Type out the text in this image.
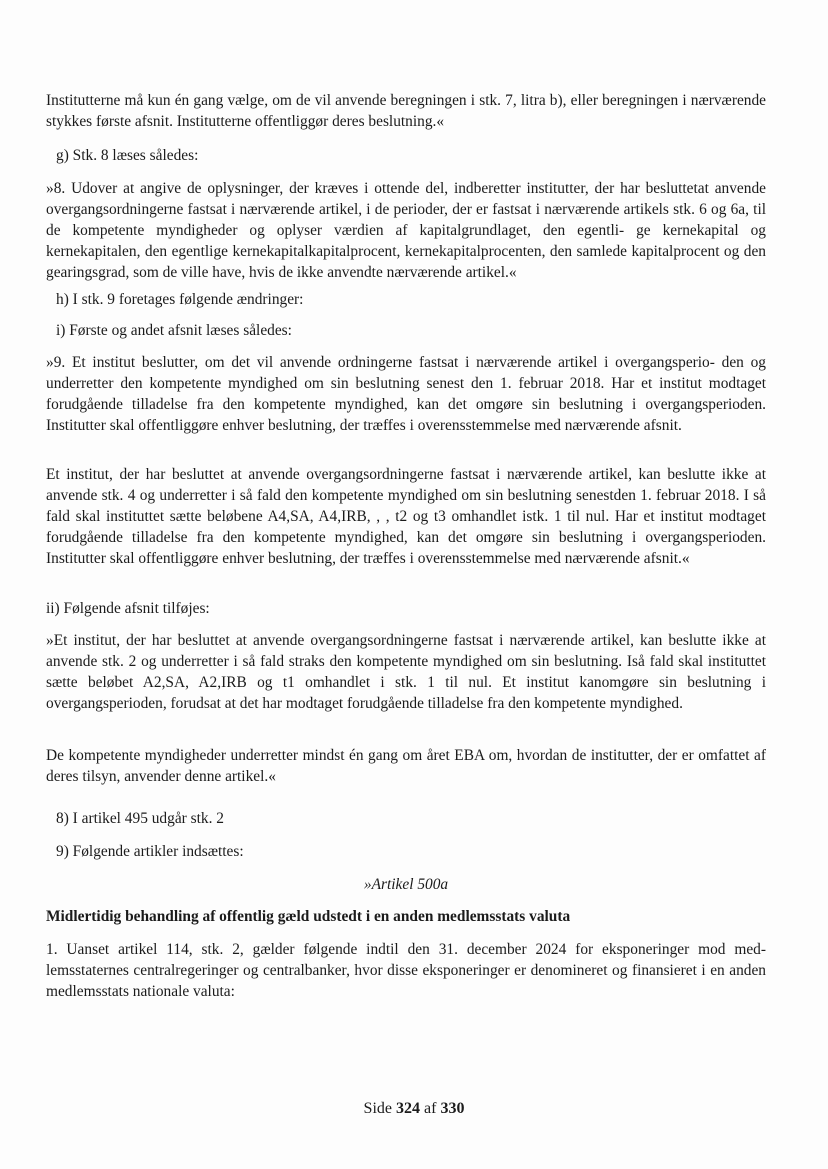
Institutterne må kun én gang vælge, om de vil anvende beregningen i stk. 7, litra b), eller beregningen i nærværende stykkes første afsnit. Institutterne offentliggør deres beslutning.«
g) Stk. 8 læses således:
»8. Udover at angive de oplysninger, der kræves i ottende del, indberetter institutter, der har besluttetat anvende overgangsordningerne fastsat i nærværende artikel, i de perioder, der er fastsat i nærværende artikels stk. 6 og 6a, til de kompetente myndigheder og oplyser værdien af kapitalgrundlaget, den egentli- ge kernekapital og kernekapitalen, den egentlige kernekapitalkapitalprocent, kernekapitalprocenten, den samlede kapitalprocent og den gearingsgrad, som de ville have, hvis de ikke anvendte nærværende artikel.«
h) I stk. 9 foretages følgende ændringer:
i) Første og andet afsnit læses således:
»9. Et institut beslutter, om det vil anvende ordningerne fastsat i nærværende artikel i overgangsperio- den og underretter den kompetente myndighed om sin beslutning senest den 1. februar 2018. Har et institut modtaget forudgående tilladelse fra den kompetente myndighed, kan det omgøre sin beslutning i overgangsperioden. Institutter skal offentliggøre enhver beslutning, der træffes i overensstemmelse med nærværende afsnit.
Et institut, der har besluttet at anvende overgangsordningerne fastsat i nærværende artikel, kan beslutte ikke at anvende stk. 4 og underretter i så fald den kompetente myndighed om sin beslutning senestden 1. februar 2018. I så fald skal instituttet sætte beløbene A4,SA, A4,IRB, , , t2 og t3 omhandlet istk. 1 til nul. Har et institut modtaget forudgående tilladelse fra den kompetente myndighed, kan det omgøre sin beslutning i overgangsperioden. Institutter skal offentliggøre enhver beslutning, der træffes i overensstemmelse med nærværende afsnit.«
ii) Følgende afsnit tilføjes:
»Et institut, der har besluttet at anvende overgangsordningerne fastsat i nærværende artikel, kan beslutte ikke at anvende stk. 2 og underretter i så fald straks den kompetente myndighed om sin beslutning. Iså fald skal instituttet sætte beløbet A2,SA, A2,IRB og t1 omhandlet i stk. 1 til nul. Et institut kanomgøre sin beslutning i overgangsperioden, forudsat at det har modtaget forudgående tilladelse fra den kompetente myndighed.
De kompetente myndigheder underretter mindst én gang om året EBA om, hvordan de institutter, der er omfattet af deres tilsyn, anvender denne artikel.«
8) I artikel 495 udgår stk. 2
9) Følgende artikler indsættes:
»Artikel 500a
Midlertidig behandling af offentlig gæld udstedt i en anden medlemsstats valuta
1. Uanset artikel 114, stk. 2, gælder følgende indtil den 31. december 2024 for eksponeringer mod med- lemsstaternes centralregeringer og centralbanker, hvor disse eksponeringer er denomineret og finansieret i en anden medlemsstats nationale valuta:
Side 324 af 330
